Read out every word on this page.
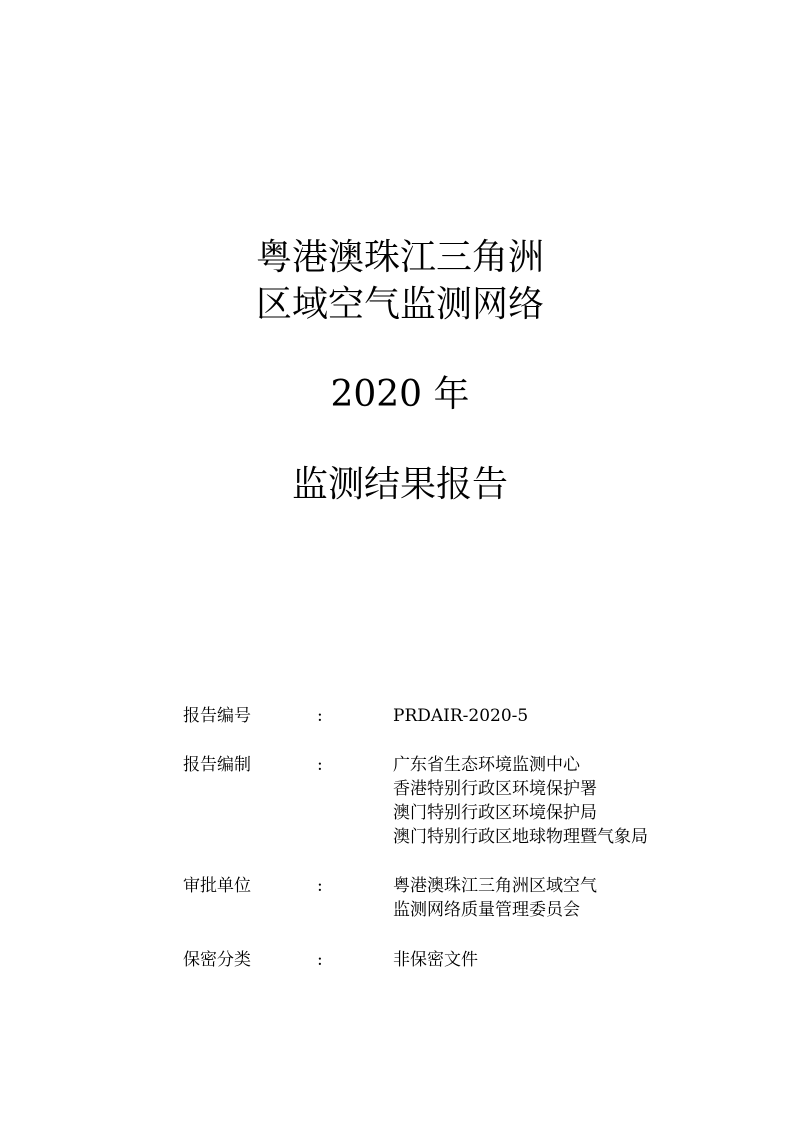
粤港澳珠江三角洲
区域空气监测网络
2020 年
监测结果报告
报告编号	:	PRDAIR-2020-5
报告编制	:	广东省生态环境监测中心
香港特别行政区环境保护署
澳门特别行政区环境保护局
澳门特别行政区地球物理暨气象局
审批单位	:	粤港澳珠江三角洲区域空气
监测网络质量管理委员会
保密分类	:	非保密文件
